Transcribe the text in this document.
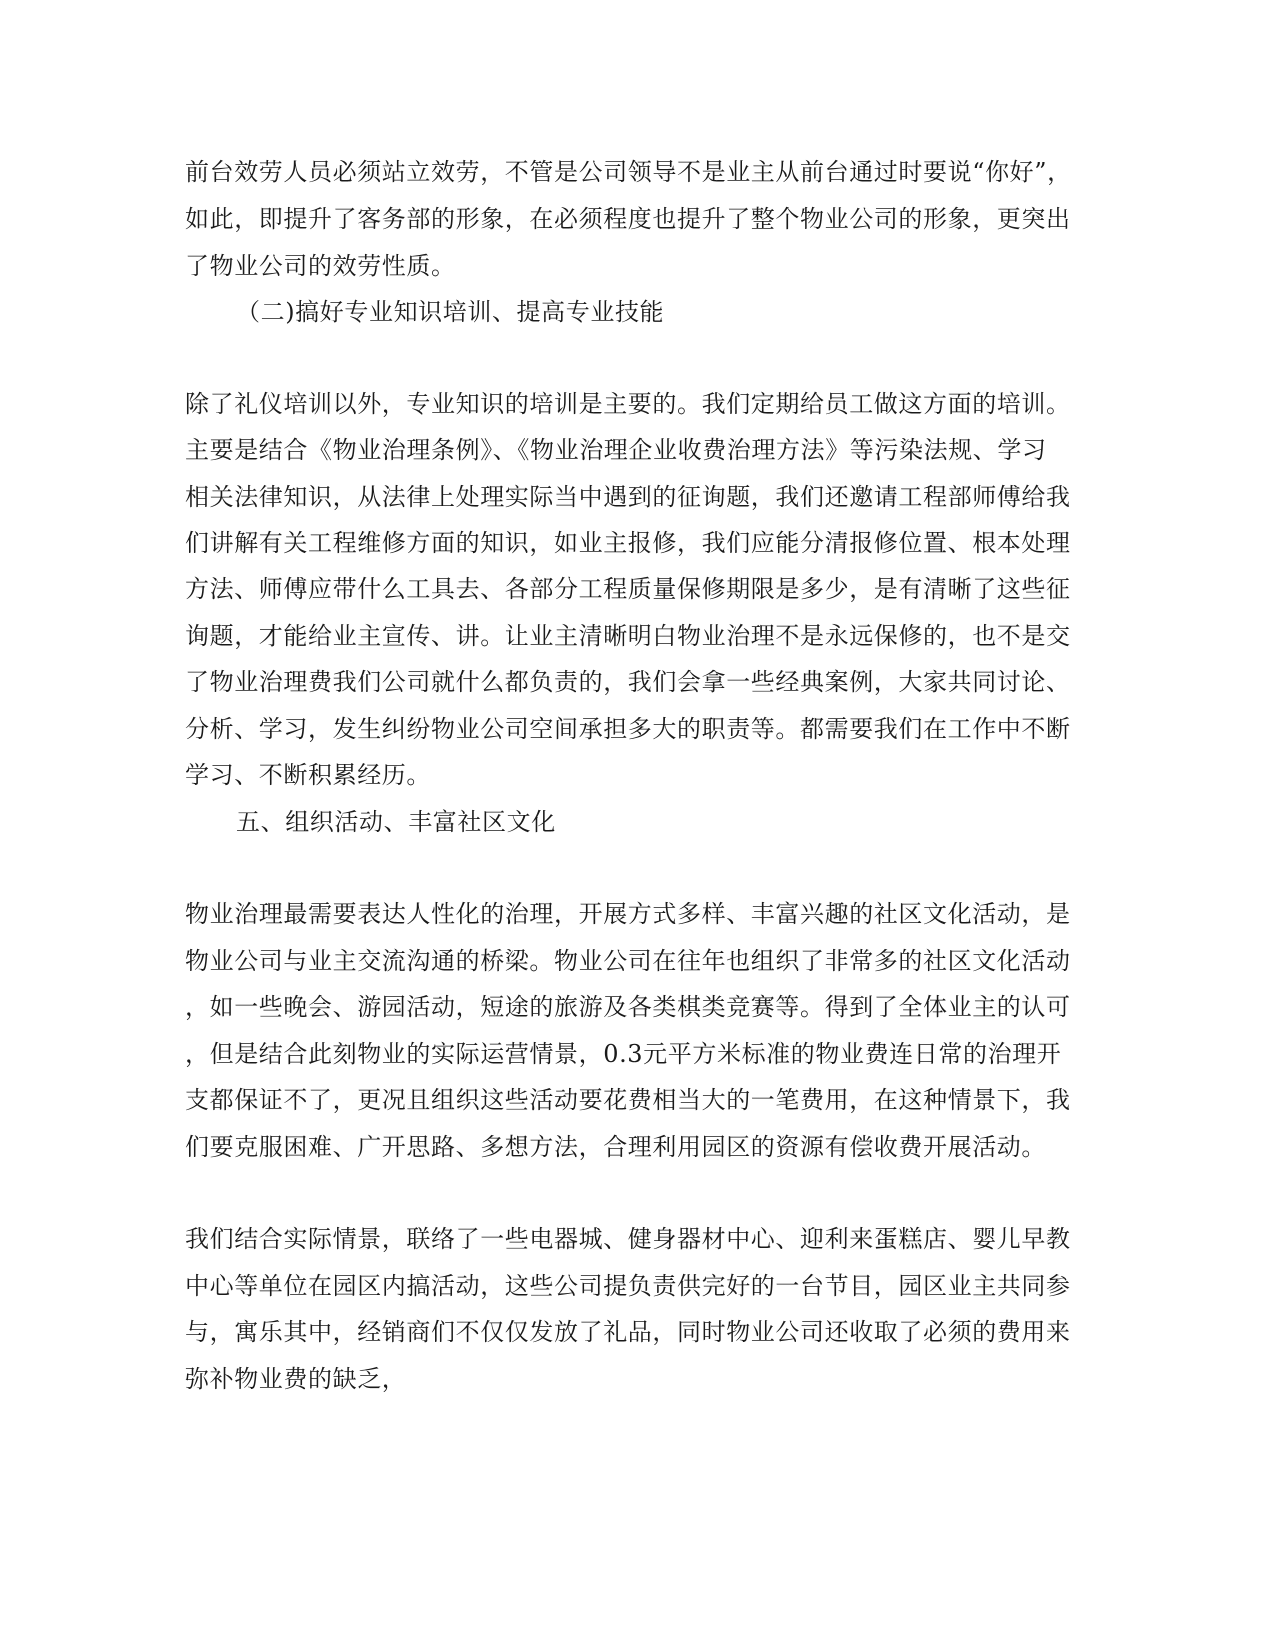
前台效劳人员必须站立效劳，不管是公司领导不是业主从前台通过时要说“你好”，
如此，即提升了客务部的形象，在必须程度也提升了整个物业公司的形象，更突出
了物业公司的效劳性质。
（二)搞好专业知识培训、提高专业技能
除了礼仪培训以外，专业知识的培训是主要的。我们定期给员工做这方面的培训。
主要是结合《物业治理条例》、《物业治理企业收费治理方法》等污染法规、学习
相关法律知识，从法律上处理实际当中遇到的征询题，我们还邀请工程部师傅给我
们讲解有关工程维修方面的知识，如业主报修，我们应能分清报修位置、根本处理
方法、师傅应带什么工具去、各部分工程质量保修期限是多少，是有清晰了这些征
询题，才能给业主宣传、讲。让业主清晰明白物业治理不是永远保修的，也不是交
了物业治理费我们公司就什么都负责的，我们会拿一些经典案例，大家共同讨论、
分析、学习，发生纠纷物业公司空间承担多大的职责等。都需要我们在工作中不断
学习、不断积累经历。
五、组织活动、丰富社区文化
物业治理最需要表达人性化的治理，开展方式多样、丰富兴趣的社区文化活动，是
物业公司与业主交流沟通的桥梁。物业公司在往年也组织了非常多的社区文化活动
，如一些晚会、游园活动，短途的旅游及各类棋类竞赛等。得到了全体业主的认可
，但是结合此刻物业的实际运营情景，0.3元平方米标准的物业费连日常的治理开
支都保证不了，更况且组织这些活动要花费相当大的一笔费用，在这种情景下，我
们要克服困难、广开思路、多想方法，合理利用园区的资源有偿收费开展活动。
我们结合实际情景，联络了一些电器城、健身器材中心、迎利来蛋糕店、婴儿早教
中心等单位在园区内搞活动，这些公司提负责供完好的一台节目，园区业主共同参
与，寓乐其中，经销商们不仅仅发放了礼品，同时物业公司还收取了必须的费用来
弥补物业费的缺乏，
